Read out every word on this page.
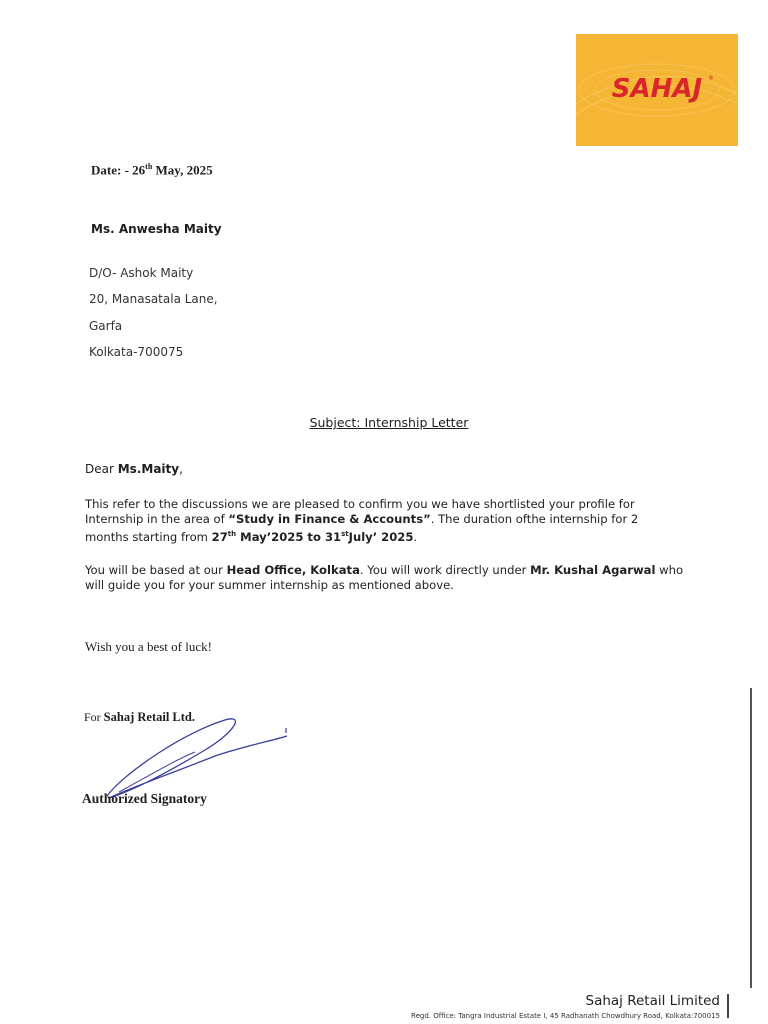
SAHAJ ®
Date: - 26th May, 2025
Ms. Anwesha Maity
D/O- Ashok Maity
20, Manasatala Lane,
Garfa
Kolkata-700075
Subject: Internship Letter
Dear Ms.Maity,
This refer to the discussions we are pleased to confirm you we have shortlisted your profile for Internship in the area of “Study in Finance & Accounts”. The duration ofthe internship for 2 months starting from 27th May’2025 to 31stJuly’ 2025.
You will be based at our Head Office, Kolkata. You will work directly under Mr. Kushal Agarwal who will guide you for your summer internship as mentioned above.
Wish you a best of luck!
For Sahaj Retail Ltd.
Authorized Signatory
Sahaj Retail Limited
Regd. Office: Tangra Industrial Estate I, 45 Radhanath Chowdhury Road, Kolkata:700015
